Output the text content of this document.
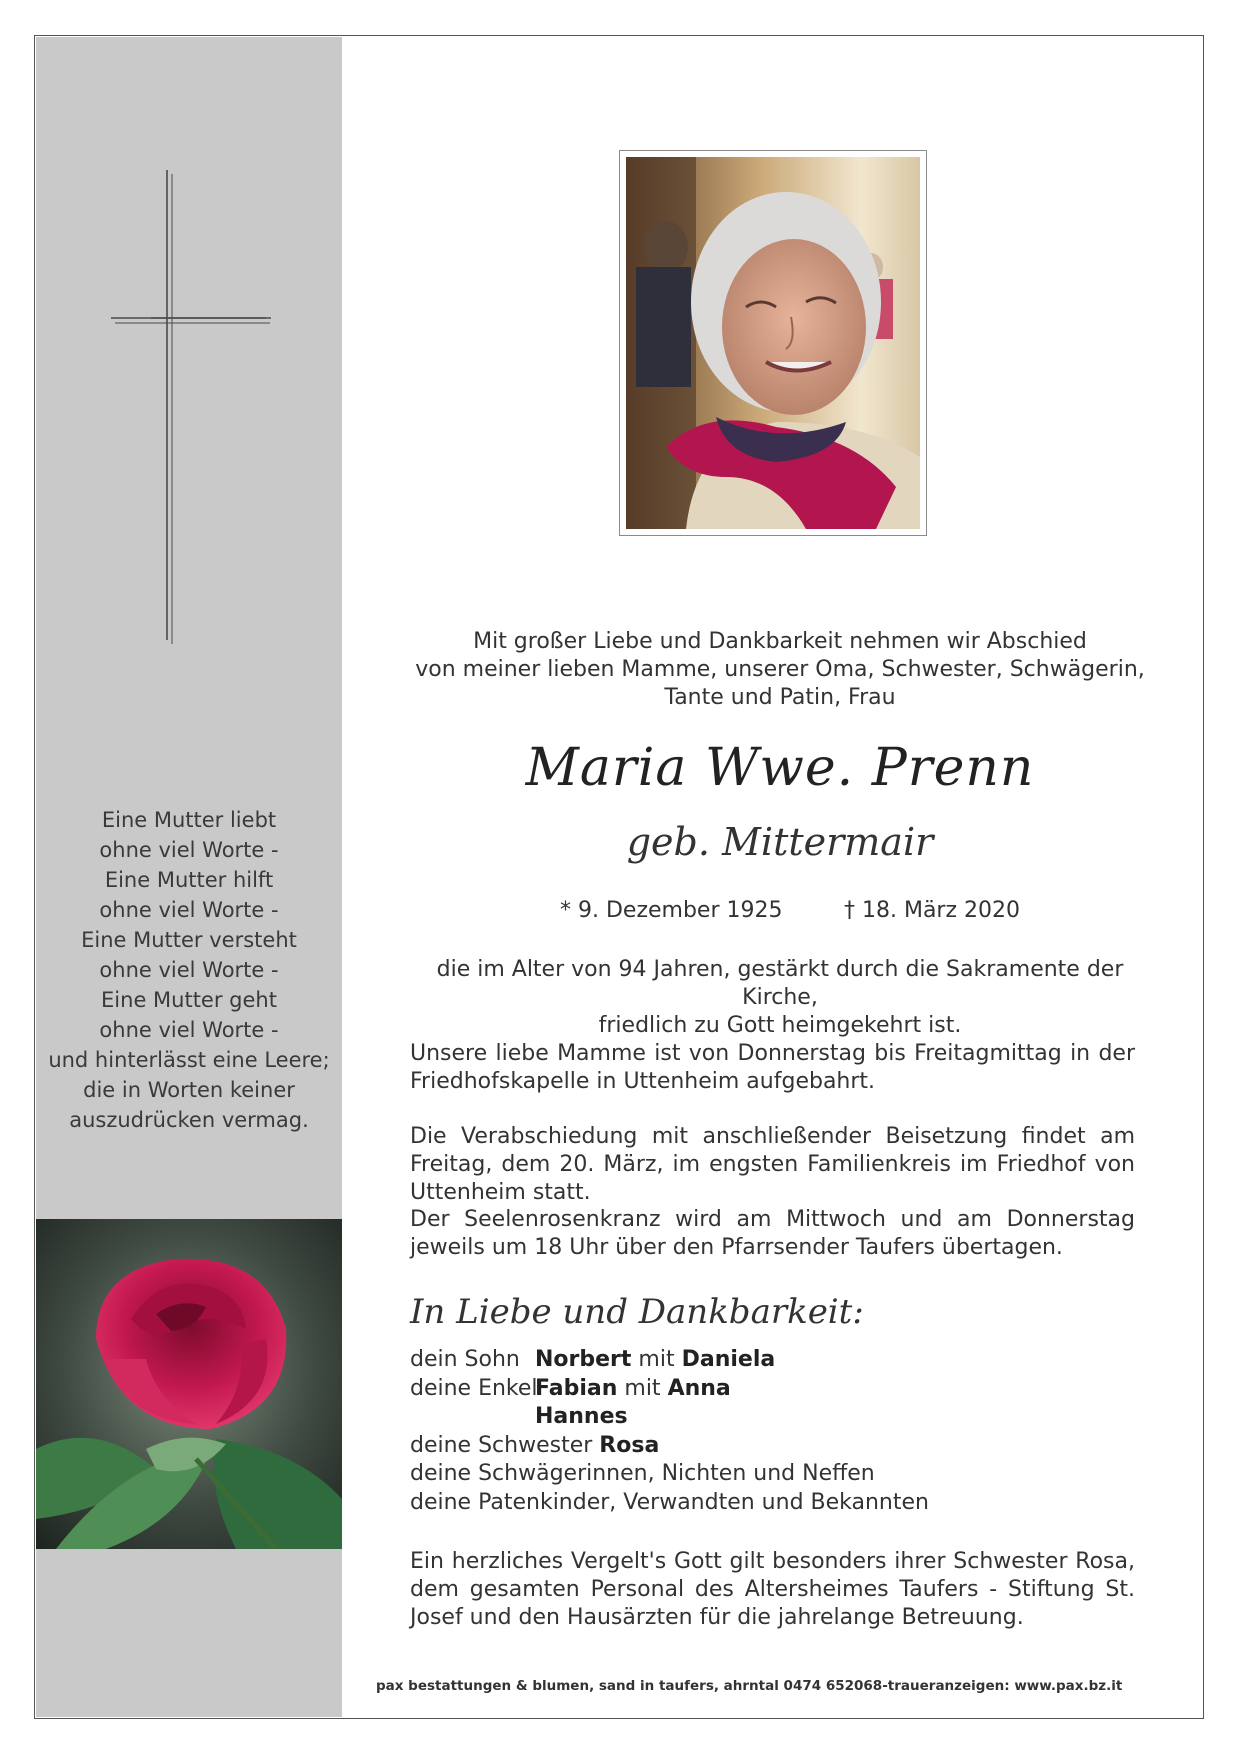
Eine Mutter liebt
ohne viel Worte -
Eine Mutter hilft
ohne viel Worte -
Eine Mutter versteht
ohne viel Worte -
Eine Mutter geht
ohne viel Worte -
und hinterlässt eine Leere;
die in Worten keiner
auszudrücken vermag.
Mit großer Liebe und Dankbarkeit nehmen wir Abschied
von meiner lieben Mamme, unserer Oma, Schwester, Schwägerin,
Tante und Patin, Frau
Maria Wwe. Prenn
geb. Mittermair
* 9. Dezember 1925	† 18. März 2020
die im Alter von 94 Jahren, gestärkt durch die Sakramente der Kirche,
friedlich zu Gott heimgekehrt ist.
Unsere liebe Mamme ist von Donnerstag bis Freitagmittag in der Friedhofskapelle in Uttenheim aufgebahrt.
Die Verabschiedung mit anschließender Beisetzung findet am Freitag, dem 20. März, im engsten Familienkreis im Friedhof von Uttenheim statt.
Der Seelenrosenkranz wird am Mittwoch und am Donnerstag jeweils um 18 Uhr über den Pfarrsender Taufers übertagen.
In Liebe und Dankbarkeit:
dein Sohn Norbert mit Daniela
deine Enkel Fabian mit Anna
Hannes
deine Schwester Rosa
deine Schwägerinnen, Nichten und Neffen
deine Patenkinder, Verwandten und Bekannten
Ein herzliches Vergelt's Gott gilt besonders ihrer Schwester Rosa, dem gesamten Personal des Altersheimes Taufers - Stiftung St. Josef und den Hausärzten für die jahrelange Betreuung.
pax bestattungen & blumen, sand in taufers, ahrntal 0474 652068-traueranzeigen: www.pax.bz.it
